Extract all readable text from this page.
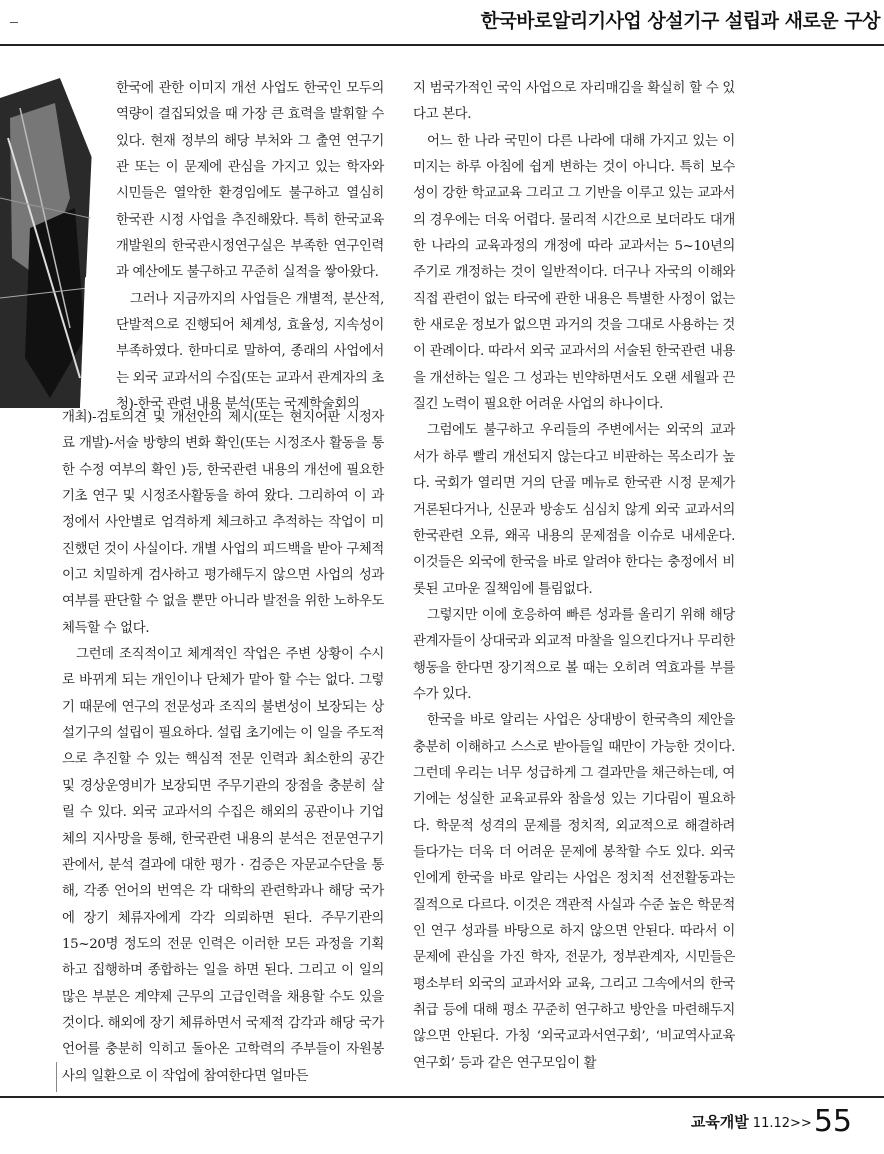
한국바로알리기사업 상설기구 설립과 새로운 구상

한국에 관한 이미지 개선 사업도 한국인 모두의 역량이 결집되었을 때 가장 큰 효력을 발휘할 수 있다. 현재 정부의 해당 부처와 그 출연 연구기관 또는 이 문제에 관심을 가지고 있는 학자와 시민들은 열악한 환경임에도 불구하고 열심히 한국관 시정 사업을 추진해왔다. 특히 한국교육개발원의 한국관시정연구실은 부족한 연구인력과 예산에도 불구하고 꾸준히 실적을 쌓아왔다.

그러나 지금까지의 사업들은 개별적, 분산적, 단발적으로 진행되어 체계성, 효율성, 지속성이 부족하였다. 한마디로 말하여, 종래의 사업에서는 외국 교과서의 수집(또는 교과서 관계자의 초청)-한국 관련 내용 분석(또는 국제학술회의

개최)-검토의견 및 개선안의 제시(또는 현지어판 시정자료 개발)-서술 방향의 변화 확인(또는 시정조사 활동을 통한 수정 여부의 확인 )등, 한국관련 내용의 개선에 필요한 기초 연구 및 시정조사활동을 하여 왔다. 그리하여 이 과정에서 사안별로 엄격하게 체크하고 추적하는 작업이 미진했던 것이 사실이다. 개별 사업의 피드백을 받아 구체적이고 치밀하게 검사하고 평가해두지 않으면 사업의 성과여부를 판단할 수 없을 뿐만 아니라 발전을 위한 노하우도 체득할 수 없다.

그런데 조직적이고 체계적인 작업은 주변 상황이 수시로 바뀌게 되는 개인이나 단체가 맡아 할 수는 없다. 그렇기 때문에 연구의 전문성과 조직의 불변성이 보장되는 상설기구의 설립이 필요하다. 설립 초기에는 이 일을 주도적으로 추진할 수 있는 핵심적 전문 인력과 최소한의 공간 및 경상운영비가 보장되면 주무기관의 장점을 충분히 살릴 수 있다. 외국 교과서의 수집은 해외의 공관이나 기업체의 지사망을 통해, 한국관련 내용의 분석은 전문연구기관에서, 분석 결과에 대한 평가 · 검증은 자문교수단을 통해, 각종 언어의 번역은 각 대학의 관련학과나 해당 국가에 장기 체류자에게 각각 의뢰하면 된다. 주무기관의 15~20명 정도의 전문 인력은 이러한 모든 과정을 기획하고 집행하며 종합하는 일을 하면 된다. 그리고 이 일의 많은 부분은 계약제 근무의 고급인력을 채용할 수도 있을 것이다. 해외에 장기 체류하면서 국제적 감각과 해당 국가 언어를 충분히 익히고 돌아온 고학력의 주부들이 자원봉사의 일환으로 이 작업에 참여한다면 얼마든

지 범국가적인 국익 사업으로 자리매김을 확실히 할 수 있다고 본다.

어느 한 나라 국민이 다른 나라에 대해 가지고 있는 이미지는 하루 아침에 쉽게 변하는 것이 아니다. 특히 보수성이 강한 학교교육 그리고 그 기반을 이루고 있는 교과서의 경우에는 더욱 어렵다. 물리적 시간으로 보더라도 대개 한 나라의 교육과정의 개정에 따라 교과서는 5~10년의 주기로 개정하는 것이 일반적이다. 더구나 자국의 이해와 직접 관련이 없는 타국에 관한 내용은 특별한 사정이 없는 한 새로운 정보가 없으면 과거의 것을 그대로 사용하는 것이 관례이다. 따라서 외국 교과서의 서술된 한국관련 내용을 개선하는 일은 그 성과는 빈약하면서도 오랜 세월과 끈질긴 노력이 필요한 어려운 사업의 하나이다.

그럼에도 불구하고 우리들의 주변에서는 외국의 교과서가 하루 빨리 개선되지 않는다고 비판하는 목소리가 높다. 국회가 열리면 거의 단골 메뉴로 한국관 시정 문제가 거론된다거나, 신문과 방송도 심심치 않게 외국 교과서의 한국관련 오류, 왜곡 내용의 문제점을 이슈로 내세운다. 이것들은 외국에 한국을 바로 알려야 한다는 충정에서 비롯된 고마운 질책임에 틀림없다.

그렇지만 이에 호응하여 빠른 성과를 올리기 위해 해당 관계자들이 상대국과 외교적 마찰을 일으킨다거나 무리한 행동을 한다면 장기적으로 볼 때는 오히려 역효과를 부를 수가 있다.

한국을 바로 알리는 사업은 상대방이 한국측의 제안을 충분히 이해하고 스스로 받아들일 때만이 가능한 것이다. 그런데 우리는 너무 성급하게 그 결과만을 채근하는데, 여기에는 성실한 교육교류와 참을성 있는 기다림이 필요하다. 학문적 성격의 문제를 정치적, 외교적으로 해결하려 들다가는 더욱 더 어려운 문제에 봉착할 수도 있다. 외국인에게 한국을 바로 알리는 사업은 정치적 선전활동과는 질적으로 다르다. 이것은 객관적 사실과 수준 높은 학문적인 연구 성과를 바탕으로 하지 않으면 안된다. 따라서 이 문제에 관심을 가진 학자, 전문가, 정부관계자, 시민들은 평소부터 외국의 교과서와 교육, 그리고 그속에서의 한국 취급 등에 대해 평소 꾸준히 연구하고 방안을 마련해두지 않으면 안된다. 가칭 ‘외국교과서연구회’, ‘비교역사교육연구회’ 등과 같은 연구모임이 활

교육개발 11.12>>55
